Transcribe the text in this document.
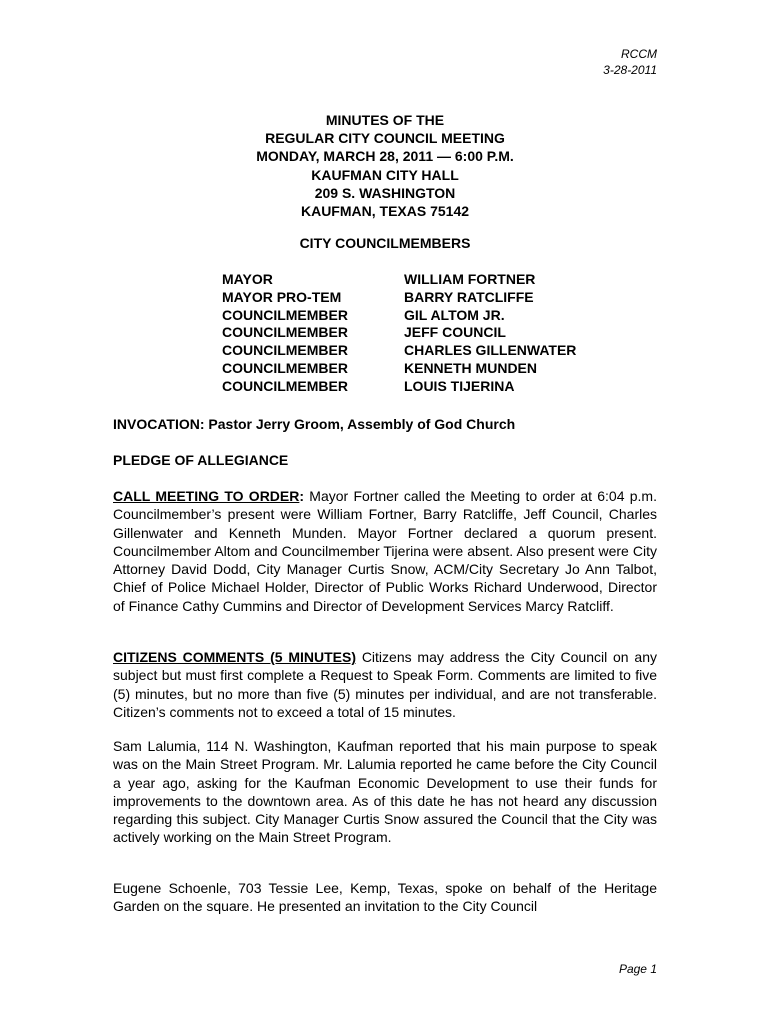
RCCM
3-28-2011
MINUTES OF THE
REGULAR CITY COUNCIL MEETING
MONDAY, MARCH 28, 2011 — 6:00 P.M.
KAUFMAN CITY HALL
209 S. WASHINGTON
KAUFMAN, TEXAS 75142
CITY COUNCILMEMBERS
MAYOR	WILLIAM FORTNER
MAYOR PRO-TEM	BARRY RATCLIFFE
COUNCILMEMBER	GIL ALTOM JR.
COUNCILMEMBER	JEFF COUNCIL
COUNCILMEMBER	CHARLES GILLENWATER
COUNCILMEMBER	KENNETH MUNDEN
COUNCILMEMBER	LOUIS TIJERINA
INVOCATION: Pastor Jerry Groom, Assembly of God Church
PLEDGE OF ALLEGIANCE

CALL MEETING TO ORDER: Mayor Fortner called the Meeting to order at 6:04 p.m. Councilmember’s present were William Fortner, Barry Ratcliffe, Jeff Council, Charles Gillenwater and Kenneth Munden. Mayor Fortner declared a quorum present. Councilmember Altom and Councilmember Tijerina were absent. Also present were City Attorney David Dodd, City Manager Curtis Snow, ACM/City Secretary Jo Ann Talbot, Chief of Police Michael Holder, Director of Public Works Richard Underwood, Director of Finance Cathy Cummins and Director of Development Services Marcy Ratcliff.

CITIZENS COMMENTS (5 MINUTES) Citizens may address the City Council on any subject but must first complete a Request to Speak Form. Comments are limited to five (5) minutes, but no more than five (5) minutes per individual, and are not transferable. Citizen’s comments not to exceed a total of 15 minutes.

Sam Lalumia, 114 N. Washington, Kaufman reported that his main purpose to speak was on the Main Street Program. Mr. Lalumia reported he came before the City Council a year ago, asking for the Kaufman Economic Development to use their funds for improvements to the downtown area. As of this date he has not heard any discussion regarding this subject. City Manager Curtis Snow assured the Council that the City was actively working on the Main Street Program.

Eugene Schoenle, 703 Tessie Lee, Kemp, Texas, spoke on behalf of the Heritage Garden on the square. He presented an invitation to the City Council

Page 1
